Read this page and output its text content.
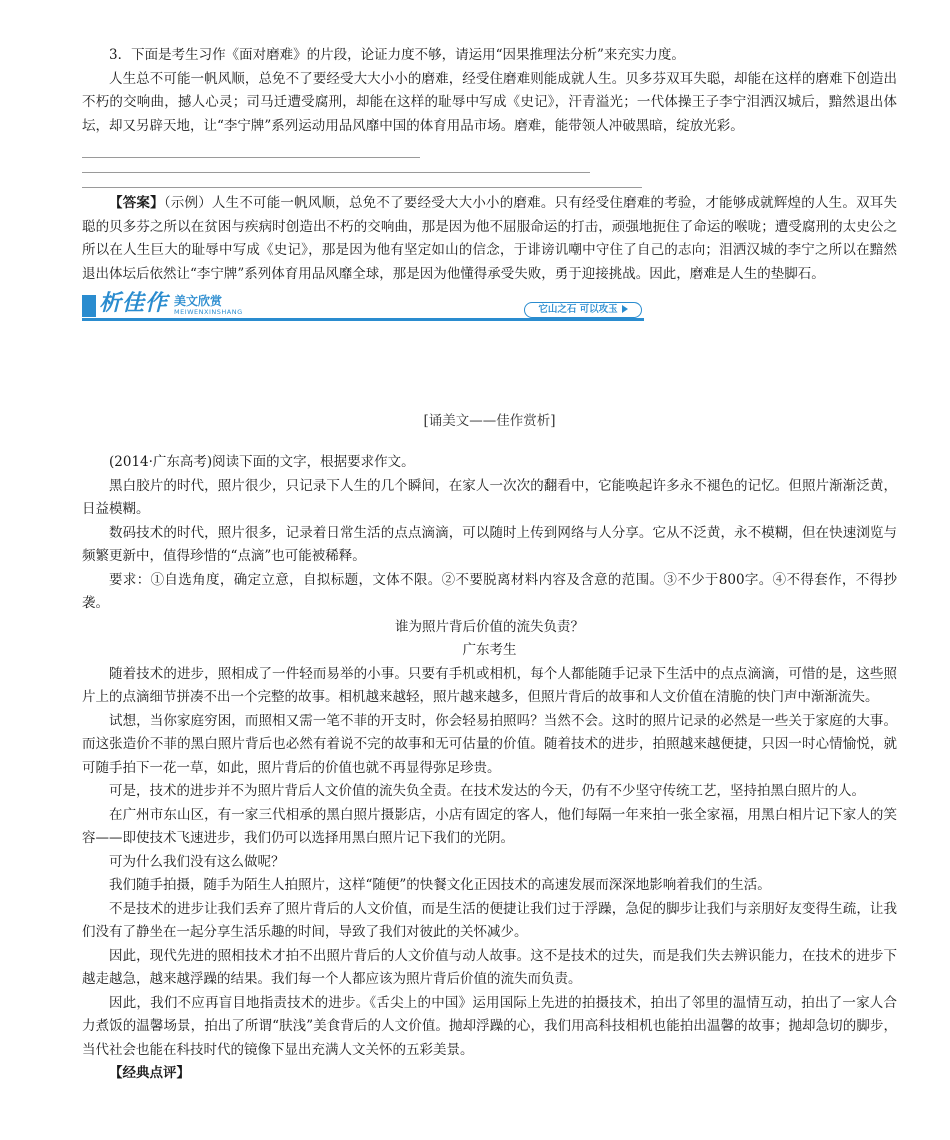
3．下面是考生习作《面对磨难》的片段，论证力度不够，请运用“因果推理法分析”来充实力度。

人生总不可能一帆风顺，总免不了要经受大大小小的磨难，经受住磨难则能成就人生。贝多芬双耳失聪，却能在这样的磨难下创造出不朽的交响曲，撼人心灵；司马迁遭受腐刑，却能在这样的耻辱中写成《史记》，汗青溢光；一代体操王子李宁泪洒汉城后，黯然退出体坛，却又另辟天地，让“李宁牌”系列运动用品风靡中国的体育用品市场。磨难，能带领人冲破黑暗，绽放光彩。

【答案】（示例）人生不可能一帆风顺，总免不了要经受大大小小的磨难。只有经受住磨难的考验，才能够成就辉煌的人生。双耳失聪的贝多芬之所以在贫困与疾病时创造出不朽的交响曲，那是因为他不屈服命运的打击，顽强地扼住了命运的喉咙；遭受腐刑的太史公之所以在人生巨大的耻辱中写成《史记》，那是因为他有坚定如山的信念，于诽谤讥嘲中守住了自己的志向；泪洒汉城的李宁之所以在黯然退出体坛后依然让“李宁牌”系列体育用品风靡全球，那是因为他懂得承受失败，勇于迎接挑战。因此，磨难是人生的垫脚石。

析佳作 美文欣赏
MEIWENXINSHANG	它山之石 可以攻玉
[诵美文——佳作赏析]

(2014·广东高考)阅读下面的文字，根据要求作文。

黑白胶片的时代，照片很少，只记录下人生的几个瞬间，在家人一次次的翻看中，它能唤起许多永不褪色的记忆。但照片渐渐泛黄，日益模糊。

数码技术的时代，照片很多，记录着日常生活的点点滴滴，可以随时上传到网络与人分享。它从不泛黄，永不模糊，但在快速浏览与频繁更新中，值得珍惜的“点滴”也可能被稀释。

要求：①自选角度，确定立意，自拟标题，文体不限。②不要脱离材料内容及含意的范围。③不少于800字。④不得套作，不得抄袭。

谁为照片背后价值的流失负责？

广东考生

随着技术的进步，照相成了一件轻而易举的小事。只要有手机或相机，每个人都能随手记录下生活中的点点滴滴，可惜的是，这些照片上的点滴细节拼凑不出一个完整的故事。相机越来越轻，照片越来越多，但照片背后的故事和人文价值在清脆的快门声中渐渐流失。

试想，当你家庭穷困，而照相又需一笔不菲的开支时，你会轻易拍照吗？当然不会。这时的照片记录的必然是一些关于家庭的大事。而这张造价不菲的黑白照片背后也必然有着说不完的故事和无可估量的价值。随着技术的进步，拍照越来越便捷，只因一时心情愉悦，就可随手拍下一花一草，如此，照片背后的价值也就不再显得弥足珍贵。

可是，技术的进步并不为照片背后人文价值的流失负全责。在技术发达的今天，仍有不少坚守传统工艺，坚持拍黑白照片的人。

在广州市东山区，有一家三代相承的黑白照片摄影店，小店有固定的客人，他们每隔一年来拍一张全家福，用黑白相片记下家人的笑容——即使技术飞速进步，我们仍可以选择用黑白照片记下我们的光阴。

可为什么我们没有这么做呢？

我们随手拍摄，随手为陌生人拍照片，这样“随便”的快餐文化正因技术的高速发展而深深地影响着我们的生活。

不是技术的进步让我们丢弃了照片背后的人文价值，而是生活的便捷让我们过于浮躁，急促的脚步让我们与亲朋好友变得生疏，让我们没有了静坐在一起分享生活乐趣的时间，导致了我们对彼此的关怀减少。

因此，现代先进的照相技术才拍不出照片背后的人文价值与动人故事。这不是技术的过失，而是我们失去辨识能力，在技术的进步下越走越急，越来越浮躁的结果。我们每一个人都应该为照片背后价值的流失而负责。

因此，我们不应再盲目地指责技术的进步。《舌尖上的中国》运用国际上先进的拍摄技术，拍出了邻里的温情互动，拍出了一家人合力煮饭的温馨场景，拍出了所谓“肤浅”美食背后的人文价值。抛却浮躁的心，我们用高科技相机也能拍出温馨的故事；抛却急切的脚步，当代社会也能在科技时代的镜像下显出充满人文关怀的五彩美景。

【经典点评】
